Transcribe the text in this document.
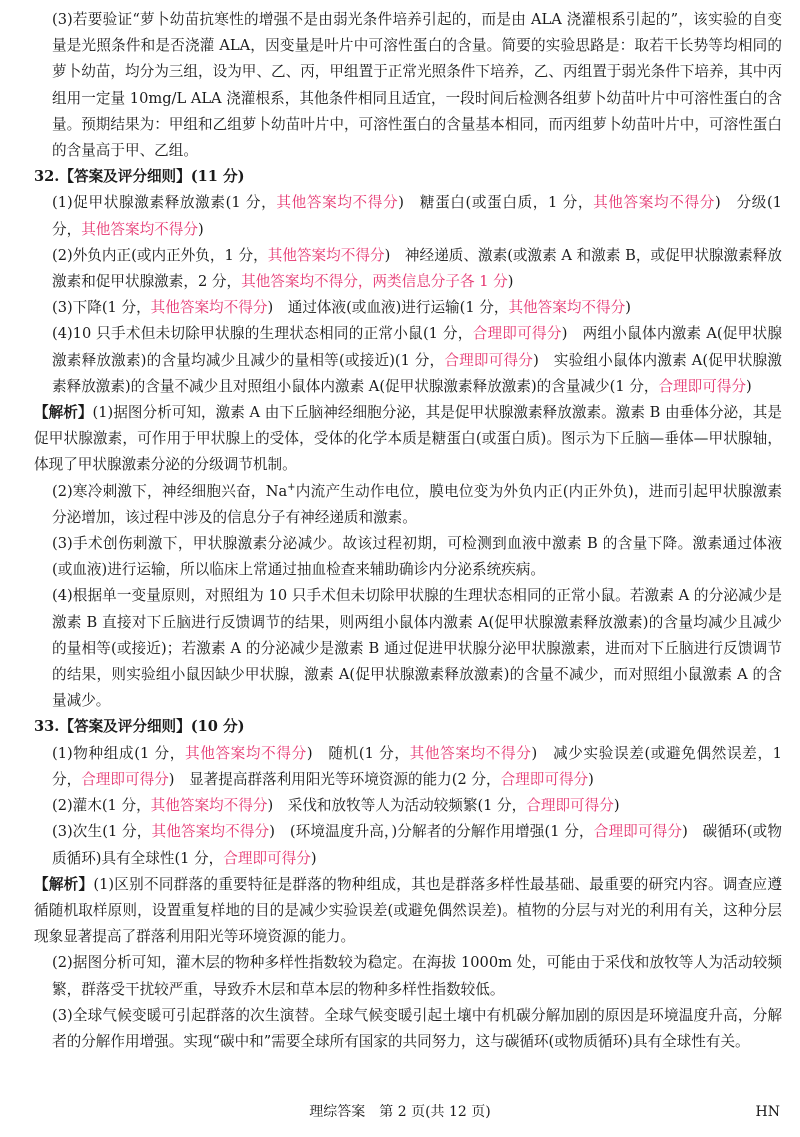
(3)若要验证“萝卜幼苗抗寒性的增强不是由弱光条件培养引起的，而是由 ALA 浇灌根系引起的”，该实验的自变量是光照条件和是否浇灌 ALA，因变量是叶片中可溶性蛋白的含量。简要的实验思路是：取若干长势等均相同的萝卜幼苗，均分为三组，设为甲、乙、丙，甲组置于正常光照条件下培养，乙、丙组置于弱光条件下培养，其中丙组用一定量 10mg/L ALA 浇灌根系，其他条件相同且适宜，一段时间后检测各组萝卜幼苗叶片中可溶性蛋白的含量。预期结果为：甲组和乙组萝卜幼苗叶片中，可溶性蛋白的含量基本相同，而丙组萝卜幼苗叶片中，可溶性蛋白的含量高于甲、乙组。

32.【答案及评分细则】(11 分)

(1)促甲状腺激素释放激素(1 分，其他答案均不得分)　糖蛋白(或蛋白质，1 分，其他答案均不得分)　分级(1 分，其他答案均不得分)

(2)外负内正(或内正外负，1 分，其他答案均不得分)　神经递质、激素(或激素 A 和激素 B，或促甲状腺激素释放激素和促甲状腺激素，2 分，其他答案均不得分，两类信息分子各 1 分)

(3)下降(1 分，其他答案均不得分)　通过体液(或血液)进行运输(1 分，其他答案均不得分)

(4)10 只手术但未切除甲状腺的生理状态相同的正常小鼠(1 分，合理即可得分)　两组小鼠体内激素 A(促甲状腺激素释放激素)的含量均减少且减少的量相等(或接近)(1 分，合理即可得分)　实验组小鼠体内激素 A(促甲状腺激素释放激素)的含量不减少且对照组小鼠体内激素 A(促甲状腺激素释放激素)的含量减少(1 分，合理即可得分)

【解析】(1)据图分析可知，激素 A 由下丘脑神经细胞分泌，其是促甲状腺激素释放激素。激素 B 由垂体分泌，其是促甲状腺激素，可作用于甲状腺上的受体，受体的化学本质是糖蛋白(或蛋白质)。图示为下丘脑—垂体—甲状腺轴，体现了甲状腺激素分泌的分级调节机制。

(2)寒冷刺激下，神经细胞兴奋，Na+内流产生动作电位，膜电位变为外负内正(内正外负)，进而引起甲状腺激素分泌增加，该过程中涉及的信息分子有神经递质和激素。

(3)手术创伤刺激下，甲状腺激素分泌减少。故该过程初期，可检测到血液中激素 B 的含量下降。激素通过体液(或血液)进行运输，所以临床上常通过抽血检查来辅助确诊内分泌系统疾病。

(4)根据单一变量原则，对照组为 10 只手术但未切除甲状腺的生理状态相同的正常小鼠。若激素 A 的分泌减少是激素 B 直接对下丘脑进行反馈调节的结果，则两组小鼠体内激素 A(促甲状腺激素释放激素)的含量均减少且减少的量相等(或接近)；若激素 A 的分泌减少是激素 B 通过促进甲状腺分泌甲状腺激素，进而对下丘脑进行反馈调节的结果，则实验组小鼠因缺少甲状腺，激素 A(促甲状腺激素释放激素)的含量不减少，而对照组小鼠激素 A 的含量减少。

33.【答案及评分细则】(10 分)

(1)物种组成(1 分，其他答案均不得分)　随机(1 分，其他答案均不得分)　减少实验误差(或避免偶然误差，1 分，合理即可得分)　显著提高群落利用阳光等环境资源的能力(2 分，合理即可得分)

(2)灌木(1 分，其他答案均不得分)　采伐和放牧等人为活动较频繁(1 分，合理即可得分)

(3)次生(1 分，其他答案均不得分)　(环境温度升高，)分解者的分解作用增强(1 分，合理即可得分)　碳循环(或物质循环)具有全球性(1 分，合理即可得分)

【解析】(1)区别不同群落的重要特征是群落的物种组成，其也是群落多样性最基础、最重要的研究内容。调查应遵循随机取样原则，设置重复样地的目的是减少实验误差(或避免偶然误差)。植物的分层与对光的利用有关，这种分层现象显著提高了群落利用阳光等环境资源的能力。

(2)据图分析可知，灌木层的物种多样性指数较为稳定。在海拔 1000m 处，可能由于采伐和放牧等人为活动较频繁，群落受干扰较严重，导致乔木层和草本层的物种多样性指数较低。

(3)全球气候变暖可引起群落的次生演替。全球气候变暖引起土壤中有机碳分解加剧的原因是环境温度升高，分解者的分解作用增强。实现“碳中和”需要全球所有国家的共同努力，这与碳循环(或物质循环)具有全球性有关。

理综答案　第 2 页(共 12 页)	HN
